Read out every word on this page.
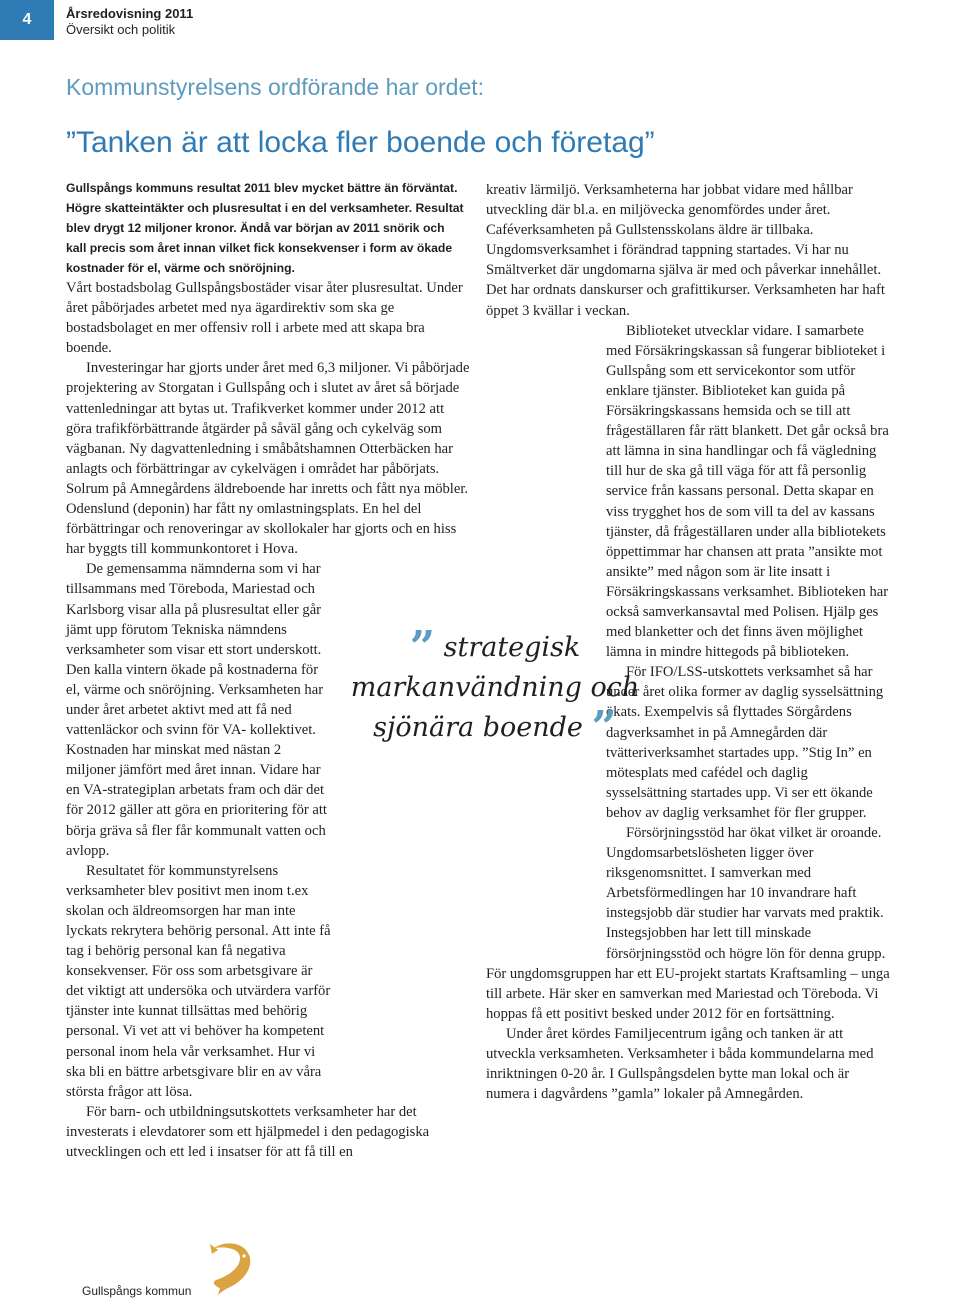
4	Årsredovisning 2011
Översikt och politik
Kommunstyrelsens ordförande har ordet:
”Tanken är att locka fler boende och företag”

Gullspångs kommuns resultat 2011 blev mycket bättre än förväntat. Högre skatteintäkter och plusresultat i en del verksamheter. Resultat blev drygt 12 miljoner kronor. Ändå var början av 2011 snörik och kall precis som året innan vilket fick konsekvenser i form av ökade kostnader för el, värme och snöröjning.

Vårt bostadsbolag Gullspångsbostäder visar åter plusresultat. Under året påbörjades arbetet med nya ägardirektiv som ska ge bostadsbolaget en mer offensiv roll i arbete med att skapa bra boende.

Investeringar har gjorts under året med 6,3 miljoner. Vi påbörjade projektering av Storgatan i Gullspång och i slutet av året så började vattenledningar att bytas ut. Trafikverket kommer under 2012 att göra trafikförbättrande åtgärder på såväl gång och cykelväg som vägbanan. Ny dagvattenledning i småbåtshamnen Otterbäcken har anlagts och förbättringar av cykelvägen i området har påbörjats. Solrum på Amnegårdens äldreboende har inretts och fått nya möbler. Odenslund (deponin) har fått ny omlastningsplats. En hel del förbättringar och renoveringar av skollokaler har gjorts och en hiss har byggts till kommunkontoret i Hova.

De gemensamma nämnderna som vi har tillsammans med Töreboda, Mariestad och Karlsborg visar alla på plusresultat eller går jämt upp förutom Tekniska nämndens verksamheter som visar ett stort underskott. Den kalla vintern ökade på kostnaderna för el, värme och snöröjning. Verksamheten har under året arbetet aktivt med att få ned vattenläckor och svinn för VA- kollektivet. Kostnaden har minskat med nästan 2 miljoner jämfört med året innan. Vidare har en VA-strategiplan arbetats fram och där det för 2012 gäller att göra en prioritering för att börja gräva så fler får kommunalt vatten och avlopp.

Resultatet för kommunstyrelsens verksamheter blev positivt men inom t.ex skolan och äldreomsorgen har man inte lyckats rekrytera behörig personal. Att inte få tag i behörig personal kan få negativa konsekvenser. För oss som arbetsgivare är det viktigt att undersöka och utvärdera varför tjänster inte kunnat tillsättas med behörig personal. Vi vet att vi behöver ha kompetent personal inom hela vår verksamhet. Hur vi ska bli en bättre arbetsgivare blir en av våra största frågor att lösa.

För barn- och utbildningsutskottets verksamheter har det investerats i elevdatorer som ett hjälpmedel i den pedagogiska utvecklingen och ett led i insatser för att få till en

kreativ lärmiljö. Verksamheterna har jobbat vidare med hållbar utveckling där bl.a. en miljövecka genomfördes under året. Caféverksamheten på Gullstensskolans äldre är tillbaka. Ungdomsverksamhet i förändrad tappning startades. Vi har nu Smältverket där ungdomarna själva är med och påverkar innehållet. Det har ordnats danskurser och grafittikurser. Verksamheten har haft öppet 3 kvällar i veckan.

Biblioteket utvecklar vidare. I samarbete med Försäkringskassan så fungerar biblioteket i Gullspång som ett servicekontor som utför enklare tjänster. Biblioteket kan guida på Försäkringskassans hemsida och se till att frågeställaren får rätt blankett. Det går också bra att lämna in sina handlingar och få vägledning till hur de ska gå till väga för att få personlig service från kassans personal. Detta skapar en viss trygghet hos de som vill ta del av kassans tjänster, då frågeställaren under alla bibliotekets öppettimmar har chansen att prata ”ansikte mot ansikte” med någon som är lite insatt i Försäkringskassans verksamhet. Biblioteken har också samverkansavtal med Polisen. Hjälp ges med blanketter och det finns även möjlighet lämna in mindre hittegods på biblioteken.

För IFO/LSS-utskottets verksamhet så har under året olika former av daglig sysselsättning ökats. Exempelvis så flyttades Sörgårdens dagverksamhet in på Amnegården där tvätteriverksamhet startades upp. ”Stig In” en mötesplats med cafédel och daglig sysselsättning startades upp. Vi ser ett ökande behov av daglig verksamhet för fler grupper.

Försörjningsstöd har ökat vilket är oroande. Ungdomsarbetslösheten ligger över riksgenomsnittet. I samverkan med Arbetsförmedlingen har 10 invandrare haft instegsjobb där studier har varvats med praktik. Instegsjobben har lett till minskade försörjningsstöd och högre lön för denna grupp. För ungdomsgruppen har ett EU-projekt startats Kraftsamling – unga till arbete. Här sker en samverkan med Mariestad och Töreboda. Vi hoppas få ett positivt besked under 2012 för en fortsättning.

Under året kördes Familjecentrum igång och tanken är att utveckla verksamheten. Verksamheter i båda kommundelarna med inriktningen 0-20 år. I Gullspångsdelen bytte man lokal och är numera i dagvårdens ”gamla” lokaler på Amnegården.

” strategisk markanvändning och sjönära boende ”
Gullspångs kommun
